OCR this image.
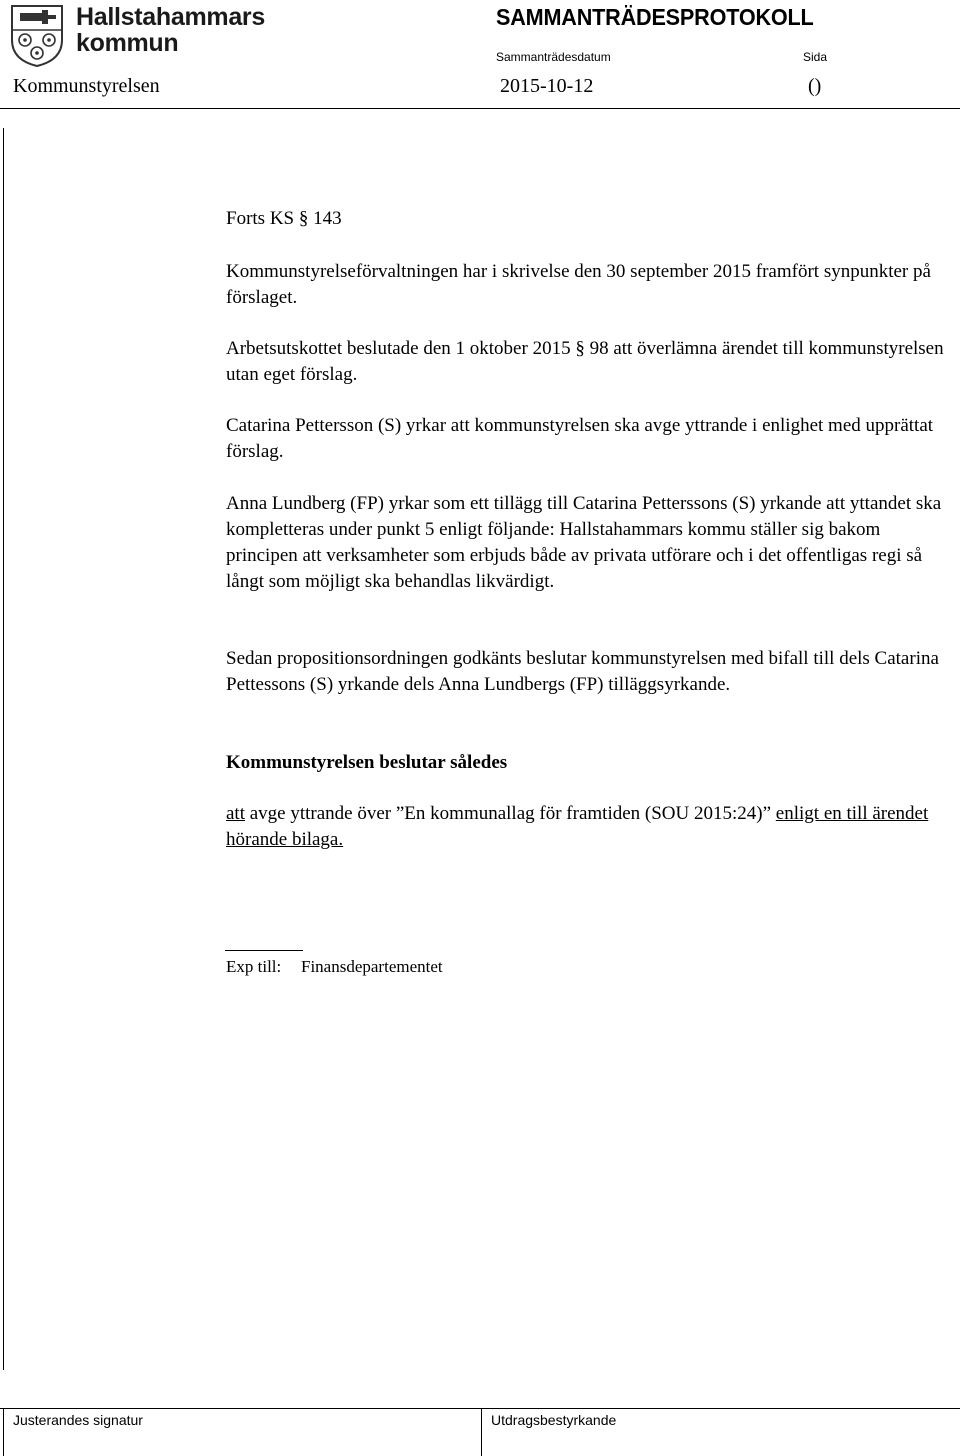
Hallstahammars
kommun
SAMMANTRÄDESPROTOKOLL
Sammanträdesdatum	Sida
Kommunstyrelsen	2015-10-12	()
Forts KS § 143
Kommunstyrelseförvaltningen har i skrivelse den 30 september 2015 framfört synpunkter på förslaget.
Arbetsutskottet beslutade den 1 oktober 2015 § 98 att överlämna ärendet till kommunstyrelsen utan eget förslag.
Catarina Pettersson (S) yrkar att kommunstyrelsen ska avge yttrande i enlighet med upprättat förslag.
Anna Lundberg (FP) yrkar som ett tillägg till Catarina Petterssons (S) yrkande att yttandet ska kompletteras under punkt 5 enligt följande: Hallstahammars kommu ställer sig bakom principen att verksamheter som erbjuds både av privata utförare och i det offentligas regi så långt som möjligt ska behandlas likvärdigt.
Sedan propositionsordningen godkänts beslutar kommunstyrelsen med bifall till dels Catarina Pettessons (S) yrkande dels Anna Lundbergs (FP) tilläggsyrkande.
Kommunstyrelsen beslutar således
att avge yttrande över ”En kommunallag för framtiden (SOU 2015:24)” enligt en till ärendet hörande bilaga.
Exp till: Finansdepartementet
Justerandes signatur	Utdragsbestyrkande
